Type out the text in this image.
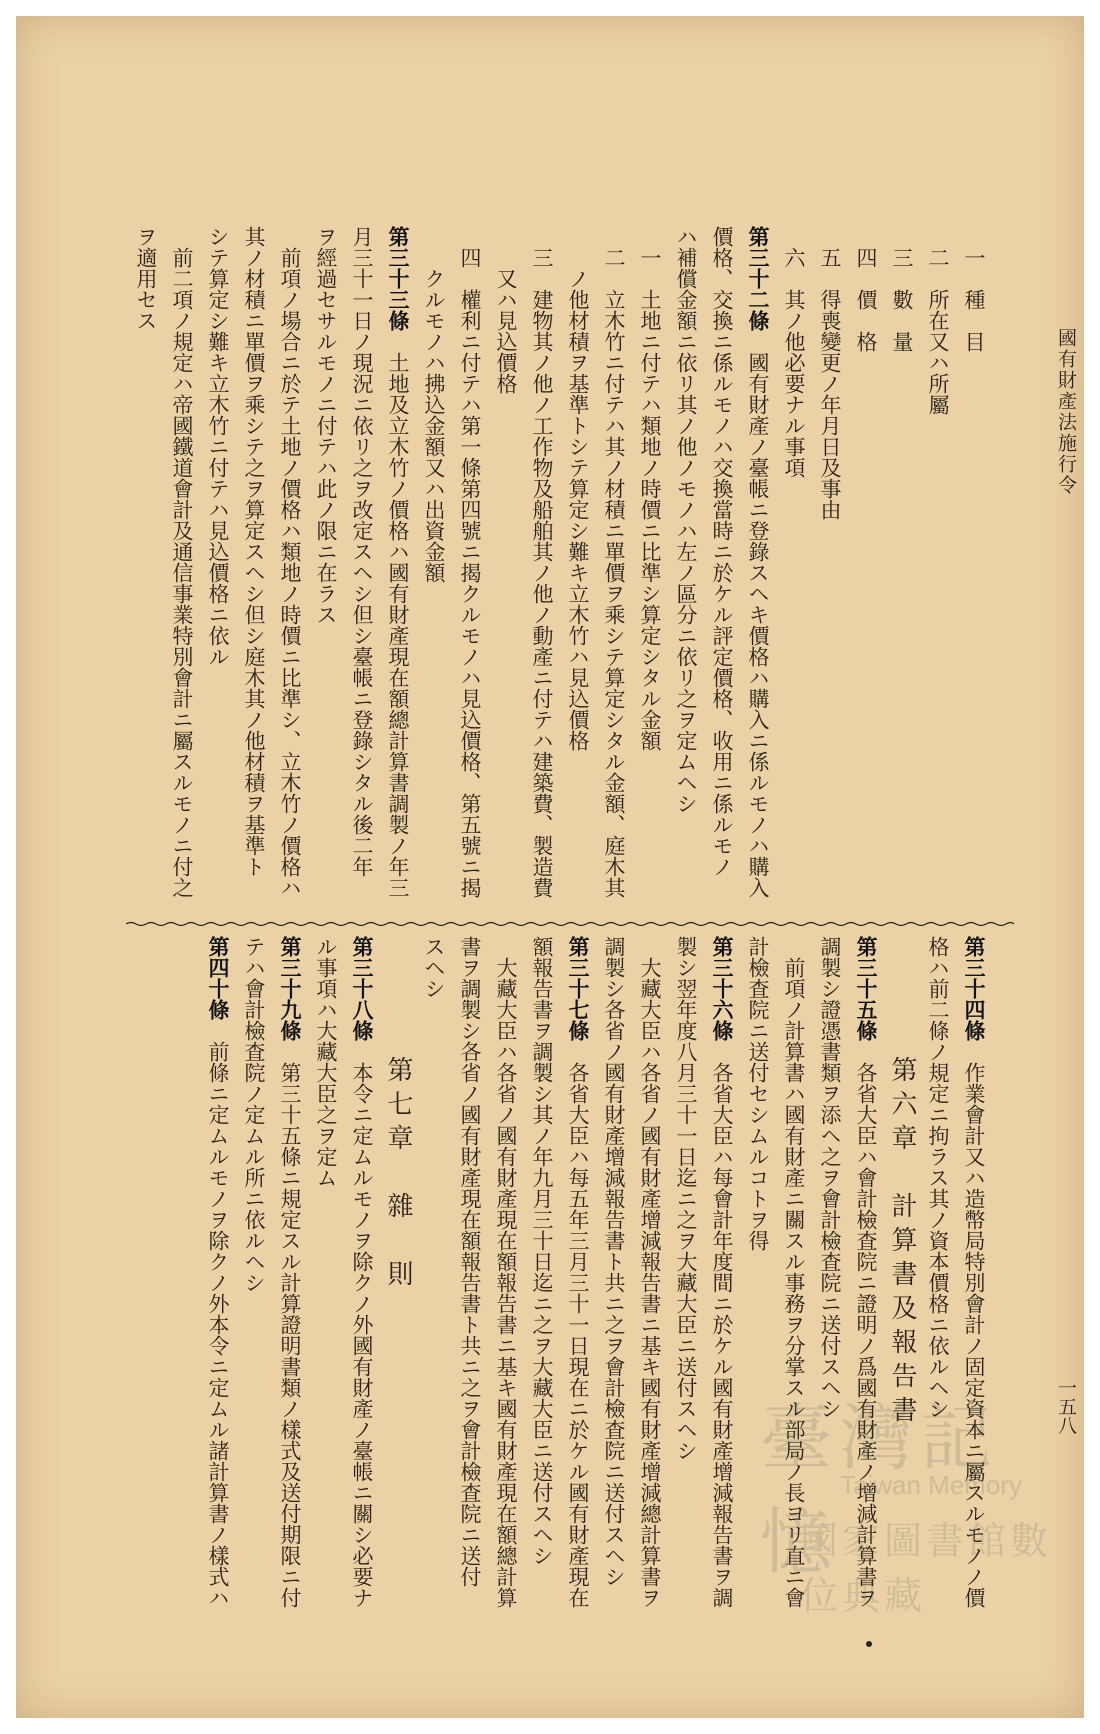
國有財產法施行令
一五八
一　種　目
二　所在又ハ所屬
三　數　量
四　價　格
五　得喪變更ノ年月日及事由
六　其ノ他必要ナル事項
第三十二條　國有財產ノ臺帳ニ登錄スヘキ價格ハ購入ニ係ルモノハ購入
價格、交換ニ係ルモノハ交換當時ニ於ケル評定價格、收用ニ係ルモノ
ハ補償金額ニ依リ其ノ他ノモノハ左ノ區分ニ依リ之ヲ定ムヘシ
一　土地ニ付テハ類地ノ時價ニ比準シ算定シタル金額
二　立木竹ニ付テハ其ノ材積ニ單價ヲ乘シテ算定シタル金額、庭木其
ノ他材積ヲ基準トシテ算定シ難キ立木竹ハ見込價格
三　建物其ノ他ノ工作物及船舶其ノ他ノ動產ニ付テハ建築費、製造費
又ハ見込價格
四　權利ニ付テハ第一條第四號ニ揭クルモノハ見込價格、第五號ニ揭
クルモノハ拂込金額又ハ出資金額
第三十三條　土地及立木竹ノ價格ハ國有財產現在額總計算書調製ノ年三
月三十一日ノ現況ニ依リ之ヲ改定スヘシ但シ臺帳ニ登錄シタル後二年
ヲ經過セサルモノニ付テハ此ノ限ニ在ラス
前項ノ場合ニ於テ土地ノ價格ハ類地ノ時價ニ比準シ、立木竹ノ價格ハ
其ノ材積ニ單價ヲ乘シテ之ヲ算定スヘシ但シ庭木其ノ他材積ヲ基準ト
シテ算定シ難キ立木竹ニ付テハ見込價格ニ依ル
前二項ノ規定ハ帝國鐵道會計及通信事業特別會計ニ屬スルモノニ付之
ヲ適用セス
第三十四條　作業會計又ハ造幣局特別會計ノ固定資本ニ屬スルモノノ價
格ハ前二條ノ規定ニ拘ラス其ノ資本價格ニ依ルヘシ
第六章　計算書及報告書
第三十五條　各省大臣ハ會計檢査院ニ證明ノ爲國有財產ノ增減計算書ヲ
調製シ證憑書類ヲ添ヘ之ヲ會計檢査院ニ送付スヘシ
前項ノ計算書ハ國有財產ニ關スル事務ヲ分掌スル部局ノ長ヨリ直ニ會
計檢査院ニ送付セシムルコトヲ得
第三十六條　各省大臣ハ每會計年度間ニ於ケル國有財產增減報告書ヲ調
製シ翌年度八月三十一日迄ニ之ヲ大藏大臣ニ送付スヘシ
大藏大臣ハ各省ノ國有財產增減報告書ニ基キ國有財產增減總計算書ヲ
調製シ各省ノ國有財產增減報告書ト共ニ之ヲ會計檢査院ニ送付スヘシ
第三十七條　各省大臣ハ每五年三月三十一日現在ニ於ケル國有財產現在
額報告書ヲ調製シ其ノ年九月三十日迄ニ之ヲ大藏大臣ニ送付スヘシ
大藏大臣ハ各省ノ國有財產現在額報告書ニ基キ國有財產現在額總計算
書ヲ調製シ各省ノ國有財產現在額報告書ト共ニ之ヲ會計檢査院ニ送付
スヘシ
第七章　雜　則
第三十八條　本令ニ定ムルモノヲ除クノ外國有財產ノ臺帳ニ關シ必要ナ
ル事項ハ大藏大臣之ヲ定ム
第三十九條　第三十五條ニ規定スル計算證明書類ノ樣式及送付期限ニ付
テハ會計檢査院ノ定ムル所ニ依ルヘシ
第四十條　前條ニ定ムルモノヲ除クノ外本令ニ定ムル諸計算書ノ樣式ハ
